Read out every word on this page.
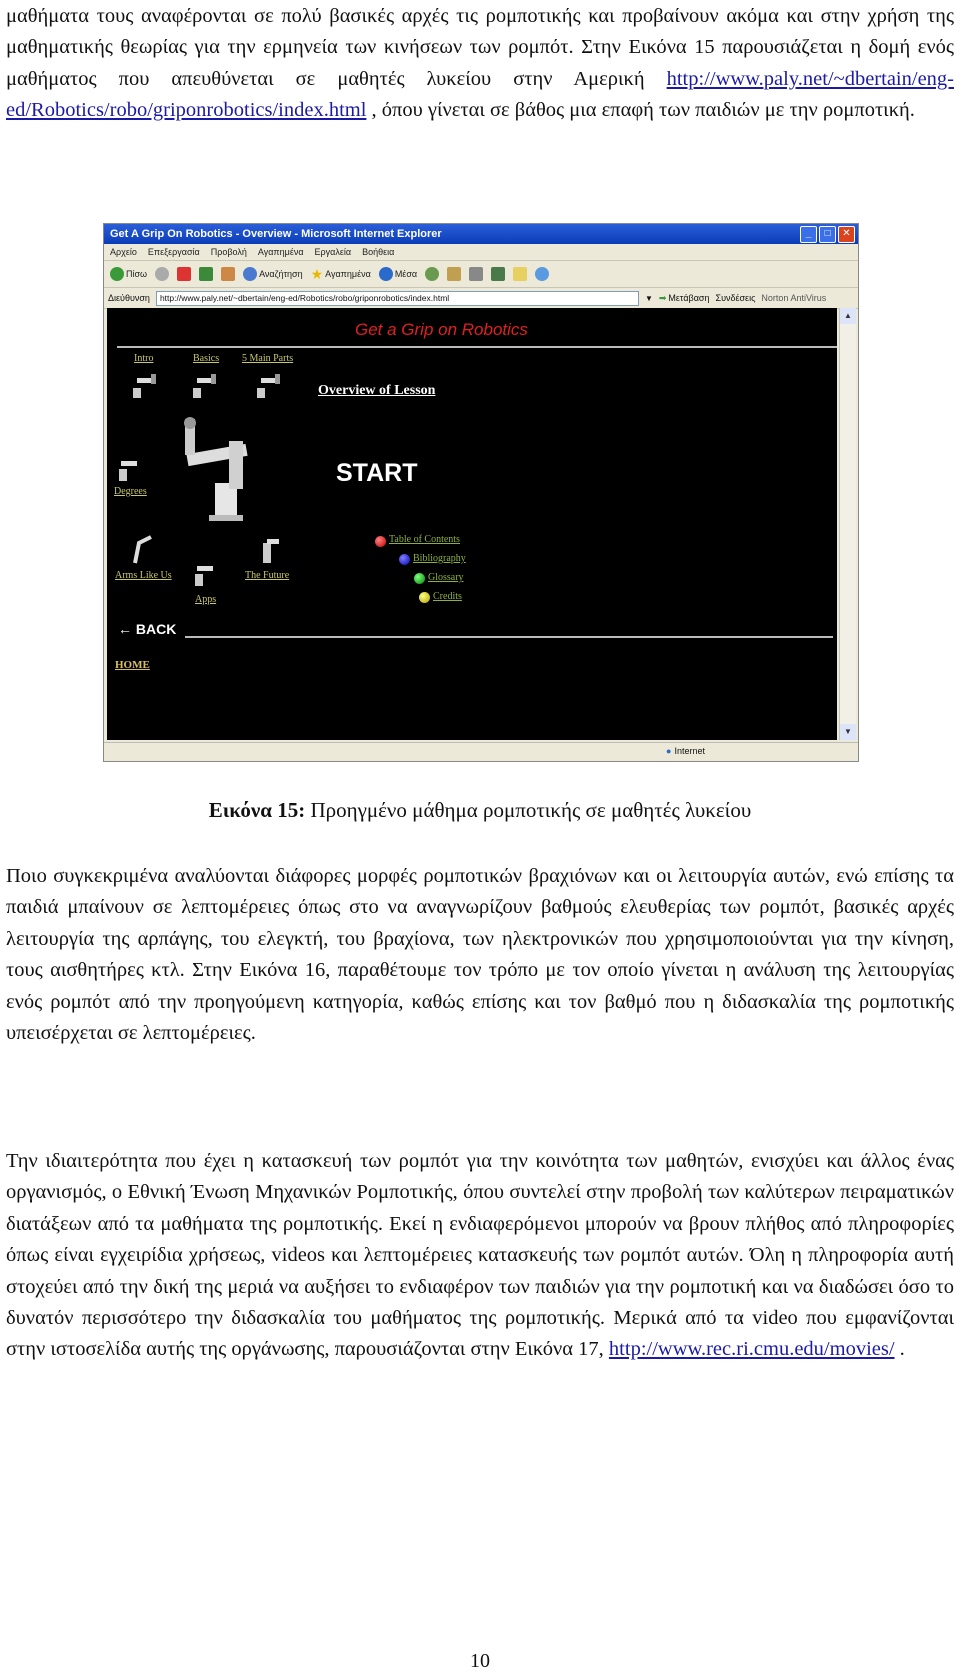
μαθήματα τους αναφέρονται σε πολύ βασικές αρχές τις ρομποτικής και προβαίνουν ακόμα και στην χρήση της μαθηματικής θεωρίας για την ερμηνεία των κινήσεων των ρομπότ. Στην Εικόνα 15 παρουσιάζεται η δομή ενός μαθήματος που απευθύνεται σε μαθητές λυκείου στην Αμερική http://www.paly.net/~dbertain/eng-ed/Robotics/robo/griponrobotics/index.html , όπου γίνεται σε βάθος μια επαφή των παιδιών με την ρομποτική.

Get A Grip On Robotics - Overview - Microsoft Internet Explorer	_	□	✕
Αρχείο Επεξεργασία Προβολή Αγαπημένα Εργαλεία Βοήθεια
Πίσω	Αναζήτηση ★ Αγαπημένα	Μέσα
Διεύθυνση	http://www.paly.net/~dbertain/eng-ed/Robotics/robo/griponrobotics/index.html	▼ ➡ Μετάβαση Συνδέσεις Norton AntiVirus
Get a Grip on Robotics
Intro	Basics 5 Main Parts
Overview of Lesson
Degrees
START
Arms Like Us
Apps
The Future
Table of Contents
Bibliography
Glossary
Credits
← BACK
HOME
▲
▼
● Internet
Εικόνα 15: Προηγμένο μάθημα ρομποτικής σε μαθητές λυκείου

Ποιο συγκεκριμένα αναλύονται διάφορες μορφές ρομποτικών βραχιόνων και οι λειτουργία αυτών, ενώ επίσης τα παιδιά μπαίνουν σε λεπτομέρειες όπως στο να αναγνωρίζουν βαθμούς ελευθερίας των ρομπότ, βασικές αρχές λειτουργία της αρπάγης, του ελεγκτή, του βραχίονα, των ηλεκτρονικών που χρησιμοποιούνται για την κίνηση, τους αισθητήρες κτλ. Στην Εικόνα 16, παραθέτουμε τον τρόπο με τον οποίο γίνεται η ανάλυση της λειτουργίας ενός ρομπότ από την προηγούμενη κατηγορία, καθώς επίσης και τον βαθμό που η διδασκαλία της ρομποτικής υπεισέρχεται σε λεπτομέρειες.

Την ιδιαιτερότητα που έχει η κατασκευή των ρομπότ για την κοινότητα των μαθητών, ενισχύει και άλλος ένας οργανισμός, ο Εθνική Ένωση Μηχανικών Ρομποτικής, όπου συντελεί στην προβολή των καλύτερων πειραματικών διατάξεων από τα μαθήματα της ρομποτικής. Εκεί η ενδιαφερόμενοι μπορούν να βρουν πλήθος από πληροφορίες όπως είναι εγχειρίδια χρήσεως, videos και λεπτομέρειες κατασκευής των ρομπότ αυτών. Όλη η πληροφορία αυτή στοχεύει από την δική της μεριά να αυξήσει το ενδιαφέρον των παιδιών για την ρομποτική και να διαδώσει όσο το δυνατόν περισσότερο την διδασκαλία του μαθήματος της ρομποτικής. Μερικά από τα video που εμφανίζονται στην ιστοσελίδα αυτής της οργάνωσης, παρουσιάζονται στην Εικόνα 17, http://www.rec.ri.cmu.edu/movies/ .

10
